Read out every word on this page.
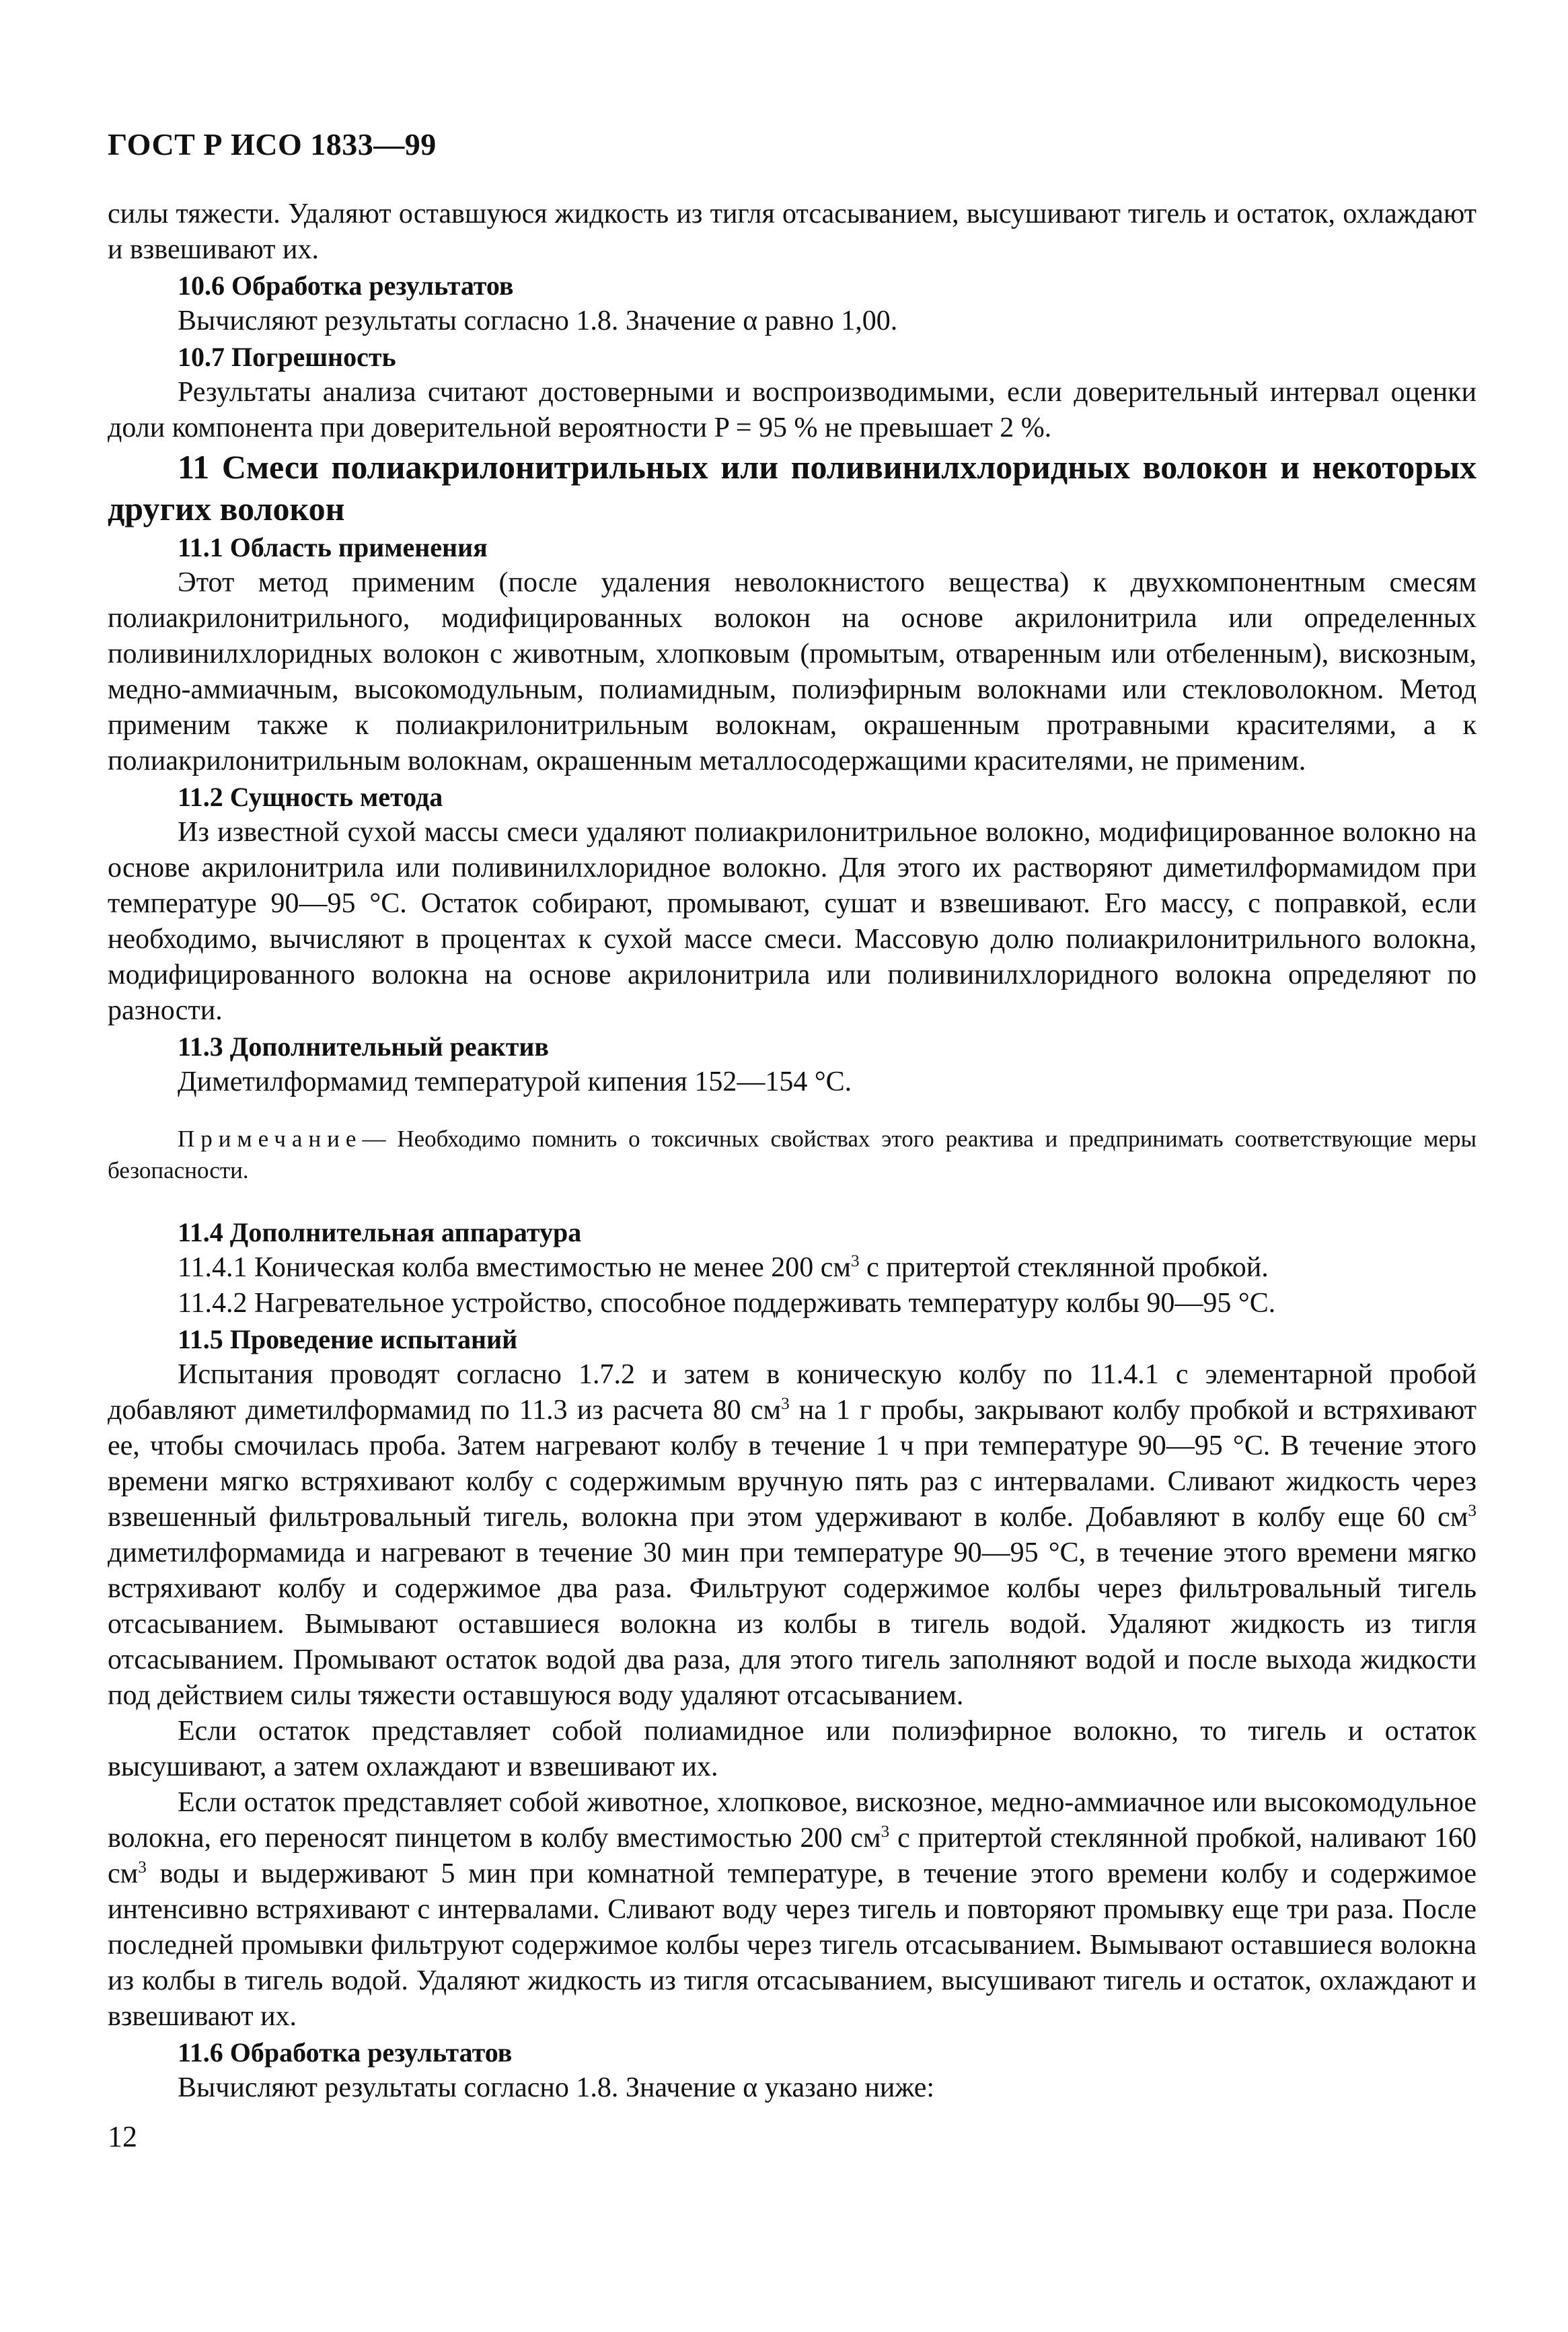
ГОСТ Р ИСО 1833—99

силы тяжести. Удаляют оставшуюся жидкость из тигля отсасыванием, высушивают тигель и остаток, охлаждают и взвешивают их.

10.6 Обработка результатов

Вычисляют результаты согласно 1.8. Значение α равно 1,00.

10.7 Погрешность

Результаты анализа считают достоверными и воспроизводимыми, если доверительный интервал оценки доли компонента при доверительной вероятности P = 95 % не превышает 2 %.

11 Смеси полиакрилонитрильных или поливинилхлоридных волокон и некоторых других волокон

11.1 Область применения

Этот метод применим (после удаления неволокнистого вещества) к двухкомпонентным смесям полиакрилонитрильного, модифицированных волокон на основе акрилонитрила или определенных поливинилхлоридных волокон с животным, хлопковым (промытым, отваренным или отбеленным), вискозным, медно-аммиачным, высокомодульным, полиамидным, полиэфирным волокнами или стекловолокном. Метод применим также к полиакрилонитрильным волокнам, окрашенным протравными красителями, а к полиакрилонитрильным волокнам, окрашенным металлосодержащими красителями, не применим.

11.2 Сущность метода

Из известной сухой массы смеси удаляют полиакрилонитрильное волокно, модифицированное волокно на основе акрилонитрила или поливинилхлоридное волокно. Для этого их растворяют диметилформамидом при температуре 90—95 °С. Остаток собирают, промывают, сушат и взвешивают. Его массу, с поправкой, если необходимо, вычисляют в процентах к сухой массе смеси. Массовую долю полиакрилонитрильного волокна, модифицированного волокна на основе акрилонитрила или поливинилхлоридного волокна определяют по разности.

11.3 Дополнительный реактив

Диметилформамид температурой кипения 152—154 °С.

Примечание— Необходимо помнить о токсичных свойствах этого реактива и предпринимать соответствующие меры безопасности.

11.4 Дополнительная аппаратура

11.4.1 Коническая колба вместимостью не менее 200 $см^3$ с притертой стеклянной пробкой.

11.4.2 Нагревательное устройство, способное поддерживать температуру колбы 90—95 °С.

11.5 Проведение испытаний

Испытания проводят согласно 1.7.2 и затем в коническую колбу по 11.4.1 с элементарной пробой добавляют диметилформамид по 11.3 из расчета 80 $см^3$ на 1 г пробы, закрывают колбу пробкой и встряхивают ее, чтобы смочилась проба. Затем нагревают колбу в течение 1 ч при температуре 90—95 °С. В течение этого времени мягко встряхивают колбу с содержимым вручную пять раз с интервалами. Сливают жидкость через взвешенный фильтровальный тигель, волокна при этом удерживают в колбе. Добавляют в колбу еще 60 $см^3$ диметилформамида и нагревают в течение 30 мин при температуре 90—95 °С, в течение этого времени мягко встряхивают колбу и содержимое два раза. Фильтруют содержимое колбы через фильтровальный тигель отсасыванием. Вымывают оставшиеся волокна из колбы в тигель водой. Удаляют жидкость из тигля отсасыванием. Промывают остаток водой два раза, для этого тигель заполняют водой и после выхода жидкости под действием силы тяжести оставшуюся воду удаляют отсасыванием.

Если остаток представляет собой полиамидное или полиэфирное волокно, то тигель и остаток высушивают, а затем охлаждают и взвешивают их.

Если остаток представляет собой животное, хлопковое, вискозное, медно-аммиачное или высокомодульное волокна, его переносят пинцетом в колбу вместимостью 200 $см^3$ с притертой стеклянной пробкой, наливают 160 $см^3$ воды и выдерживают 5 мин при комнатной температуре, в течение этого времени колбу и содержимое интенсивно встряхивают с интервалами. Сливают воду через тигель и повторяют промывку еще три раза. После последней промывки фильтруют содержимое колбы через тигель отсасыванием. Вымывают оставшиеся волокна из колбы в тигель водой. Удаляют жидкость из тигля отсасыванием, высушивают тигель и остаток, охлаждают и взвешивают их.

11.6 Обработка результатов

Вычисляют результаты согласно 1.8. Значение α указано ниже:

12
